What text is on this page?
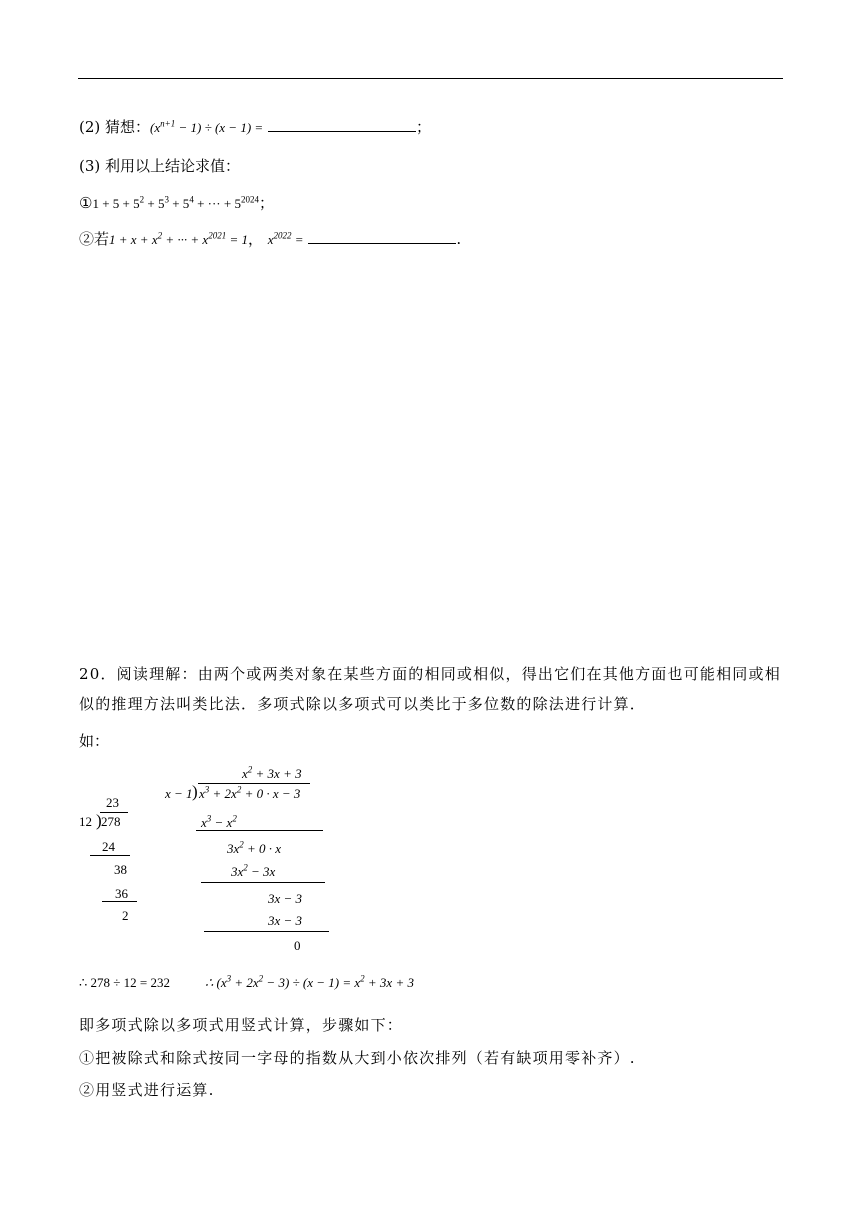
(2) 猜想：$(x^{n+1} - 1) \div (x - 1)$ =	；
(3) 利用以上结论求值：
①1 + $5 + 5^2 + 5^3 + 5^4$ + ··· + $5^{2024}$；
②若$1 + x + x^2$ + ··· + $x^{2021} = 1$， $x^{2022}$ =	.
20．阅读理解：由两个或两类对象在某些方面的相同或相似，得出它们在其他方面也可能相同或相似的推理方法叫类比法．多项式除以多项式可以类比于多位数的除法进行计算．
如：
23
)
12 278
24
38
36
2
$x^2 + 3x + 3$
)
x − 1 $x^3 + 2x^2 + 0 \cdot x - 3$
$x^3 - x^2$
$3x^2 + 0 \cdot x$
$3x^2 - 3x$
3x − 3
3x − 3
0
∴ 278 ÷ 12 = 232	∴ $(x^3 + 2x^2 - 3) \div (x - 1) = x^2 + 3x + 3$
即多项式除以多项式用竖式计算，步骤如下：
①把被除式和除式按同一字母的指数从大到小依次排列（若有缺项用零补齐）.
②用竖式进行运算.
